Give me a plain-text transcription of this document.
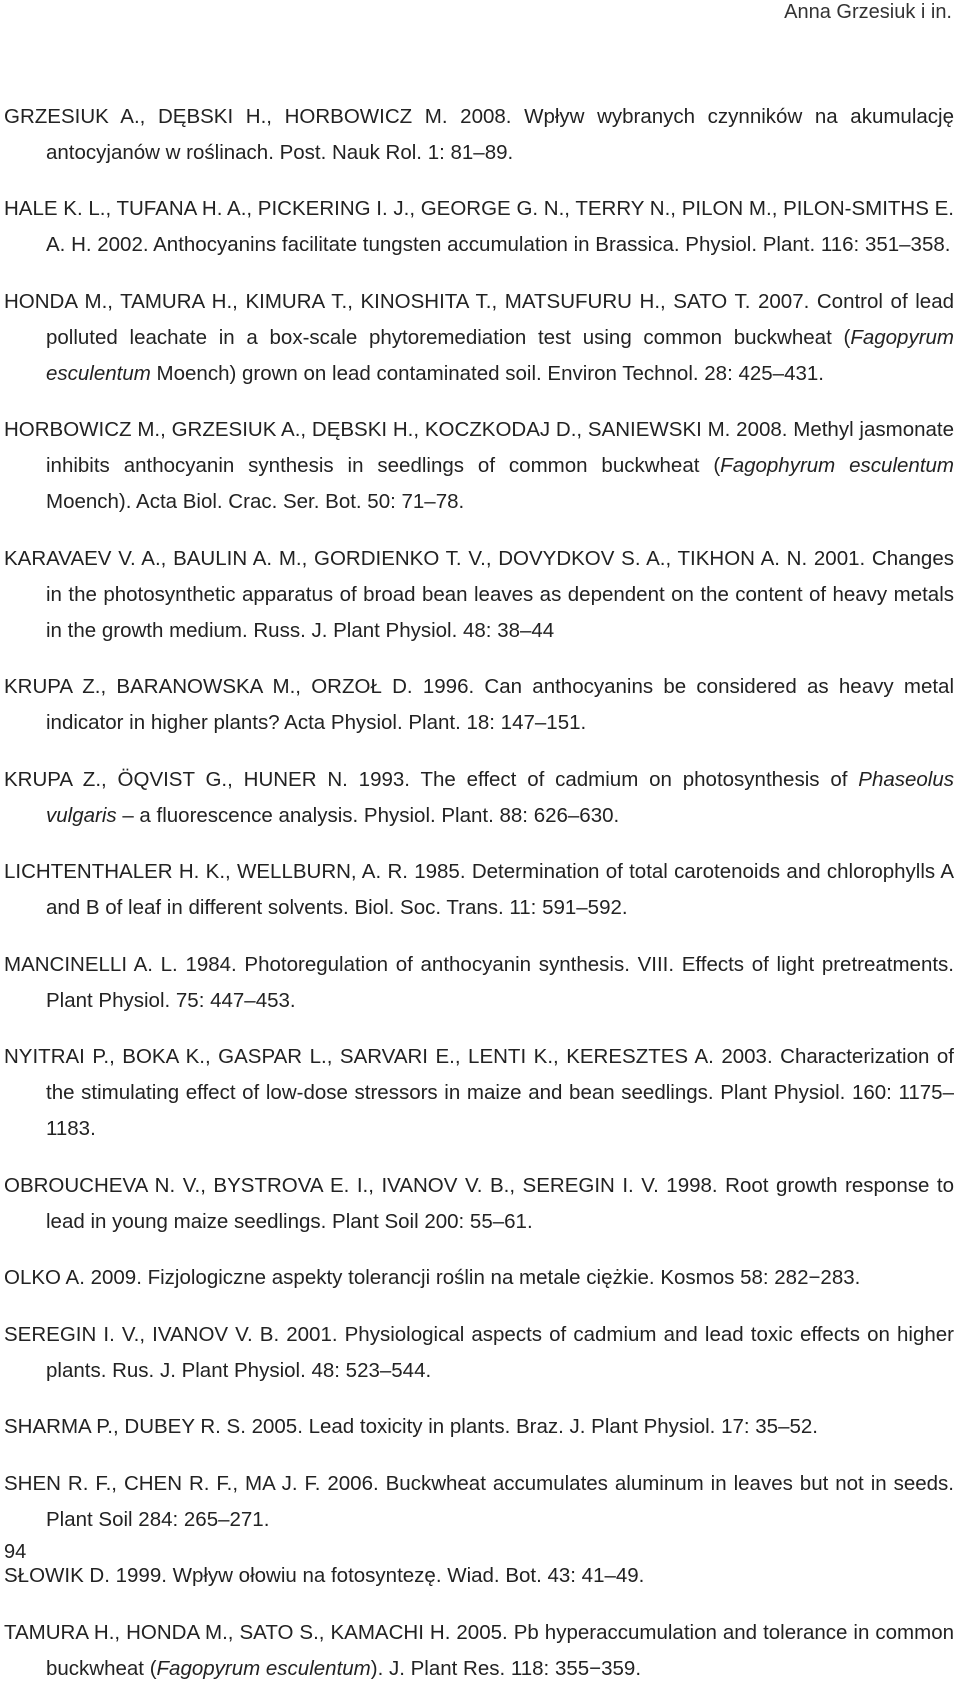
Anna Grzesiuk i in.

GRZESIUK A., DĘBSKI H., HORBOWICZ M. 2008. Wpływ wybranych czynników na akumulację antocyjanów w roślinach. Post. Nauk Rol. 1: 81–89.

HALE K. L., TUFANA H. A., PICKERING I. J., GEORGE G. N., TERRY N., PILON M., PILON-SMITHS E. A. H. 2002. Anthocyanins facilitate tungsten accumulation in Brassica. Physiol. Plant. 116: 351–358.

HONDA M., TAMURA H., KIMURA T., KINOSHITA T., MATSUFURU H., SATO T. 2007. Control of lead polluted leachate in a box-scale phytoremediation test using common buckwheat (Fagopyrum esculentum Moench) grown on lead contaminated soil. Environ Technol. 28: 425–431.

HORBOWICZ M., GRZESIUK A., DĘBSKI H., KOCZKODAJ D., SANIEWSKI M. 2008. Methyl jasmonate inhibits anthocyanin synthesis in seedlings of common buckwheat (Fagophyrum esculentum Moench). Acta Biol. Crac. Ser. Bot. 50: 71–78.

KARAVAEV V. A., BAULIN A. M., GORDIENKO T. V., DOVYDKOV S. A., TIKHON A. N. 2001. Changes in the photosynthetic apparatus of broad bean leaves as dependent on the content of heavy metals in the growth medium. Russ. J. Plant Physiol. 48: 38–44

KRUPA Z., BARANOWSKA M., ORZOŁ D. 1996. Can anthocyanins be considered as heavy metal indicator in higher plants? Acta Physiol. Plant. 18: 147–151.

KRUPA Z., ÖQVIST G., HUNER N. 1993. The effect of cadmium on photosynthesis of Phaseolus vulgaris – a fluorescence analysis. Physiol. Plant. 88: 626–630.

LICHTENTHALER H. K., WELLBURN, A. R. 1985. Determination of total carotenoids and chlorophylls A and B of leaf in different solvents. Biol. Soc. Trans. 11: 591–592.

MANCINELLI A. L. 1984. Photoregulation of anthocyanin synthesis. VIII. Effects of light pretreatments. Plant Physiol. 75: 447–453.

NYITRAI P., BOKA K., GASPAR L., SARVARI E., LENTI K., KERESZTES A. 2003. Characterization of the stimulating effect of low-dose stressors in maize and bean seedlings. Plant Physiol. 160: 1175–1183.

OBROUCHEVA N. V., BYSTROVA E. I., IVANOV V. B., SEREGIN I. V. 1998. Root growth response to lead in young maize seedlings. Plant Soil 200: 55–61.

OLKO A. 2009. Fizjologiczne aspekty tolerancji roślin na metale ciężkie. Kosmos 58: 282−283.

SEREGIN I. V., IVANOV V. B. 2001. Physiological aspects of cadmium and lead toxic effects on higher plants. Rus. J. Plant Physiol. 48: 523–544.

SHARMA P., DUBEY R. S. 2005. Lead toxicity in plants. Braz. J. Plant Physiol. 17: 35–52.

SHEN R. F., CHEN R. F., MA J. F. 2006. Buckwheat accumulates aluminum in leaves but not in seeds. Plant Soil 284: 265–271.

SŁOWIK D. 1999. Wpływ ołowiu na fotosyntezę. Wiad. Bot. 43: 41–49.

TAMURA H., HONDA M., SATO S., KAMACHI H. 2005. Pb hyperaccumulation and tolerance in common buckwheat (Fagopyrum esculentum). J. Plant Res. 118: 355−359.

94
